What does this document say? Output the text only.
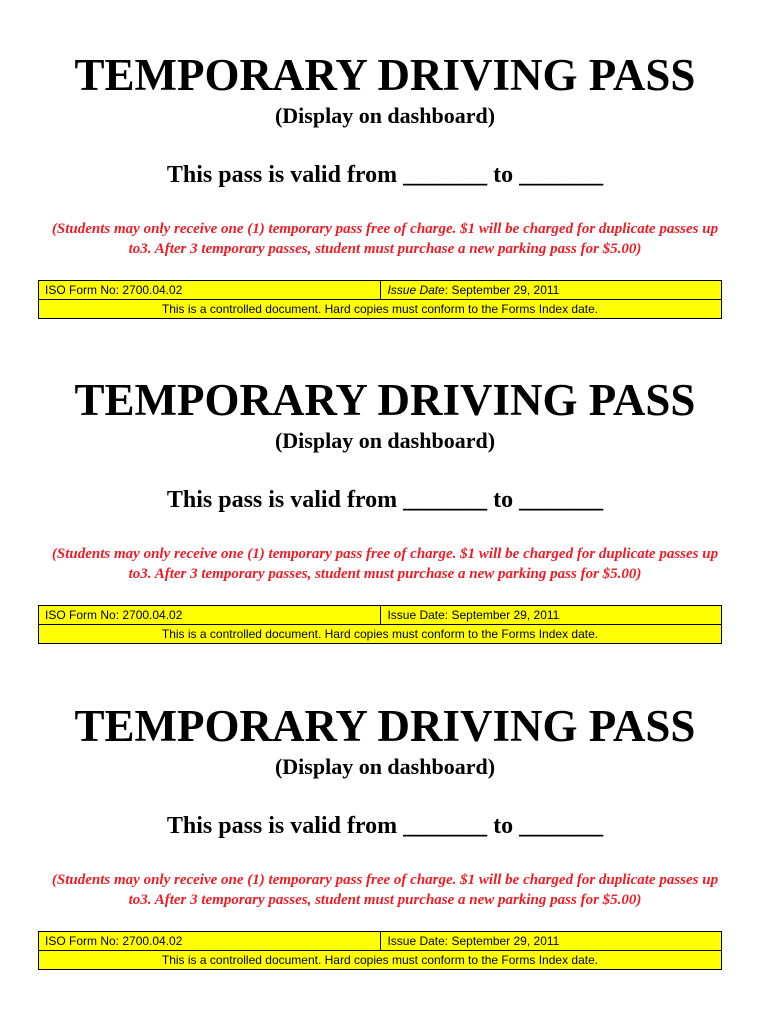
TEMPORARY DRIVING PASS
(Display on dashboard)
This pass is valid from _______ to _______
(Students may only receive one (1) temporary pass free of charge. $1 will be charged for duplicate passes up to3. After 3 temporary passes, student must purchase a new parking pass for $5.00)
ISO Form No: 2700.04.02	Issue Date: September 29, 2011
This is a controlled document. Hard copies must conform to the Forms Index date.
TEMPORARY DRIVING PASS
(Display on dashboard)
This pass is valid from _______ to _______
(Students may only receive one (1) temporary pass free of charge. $1 will be charged for duplicate passes up to3. After 3 temporary passes, student must purchase a new parking pass for $5.00)
ISO Form No: 2700.04.02	Issue Date: September 29, 2011
This is a controlled document. Hard copies must conform to the Forms Index date.
TEMPORARY DRIVING PASS
(Display on dashboard)
This pass is valid from _______ to _______
(Students may only receive one (1) temporary pass free of charge. $1 will be charged for duplicate passes up to3. After 3 temporary passes, student must purchase a new parking pass for $5.00)
ISO Form No: 2700.04.02	Issue Date: September 29, 2011
This is a controlled document. Hard copies must conform to the Forms Index date.
